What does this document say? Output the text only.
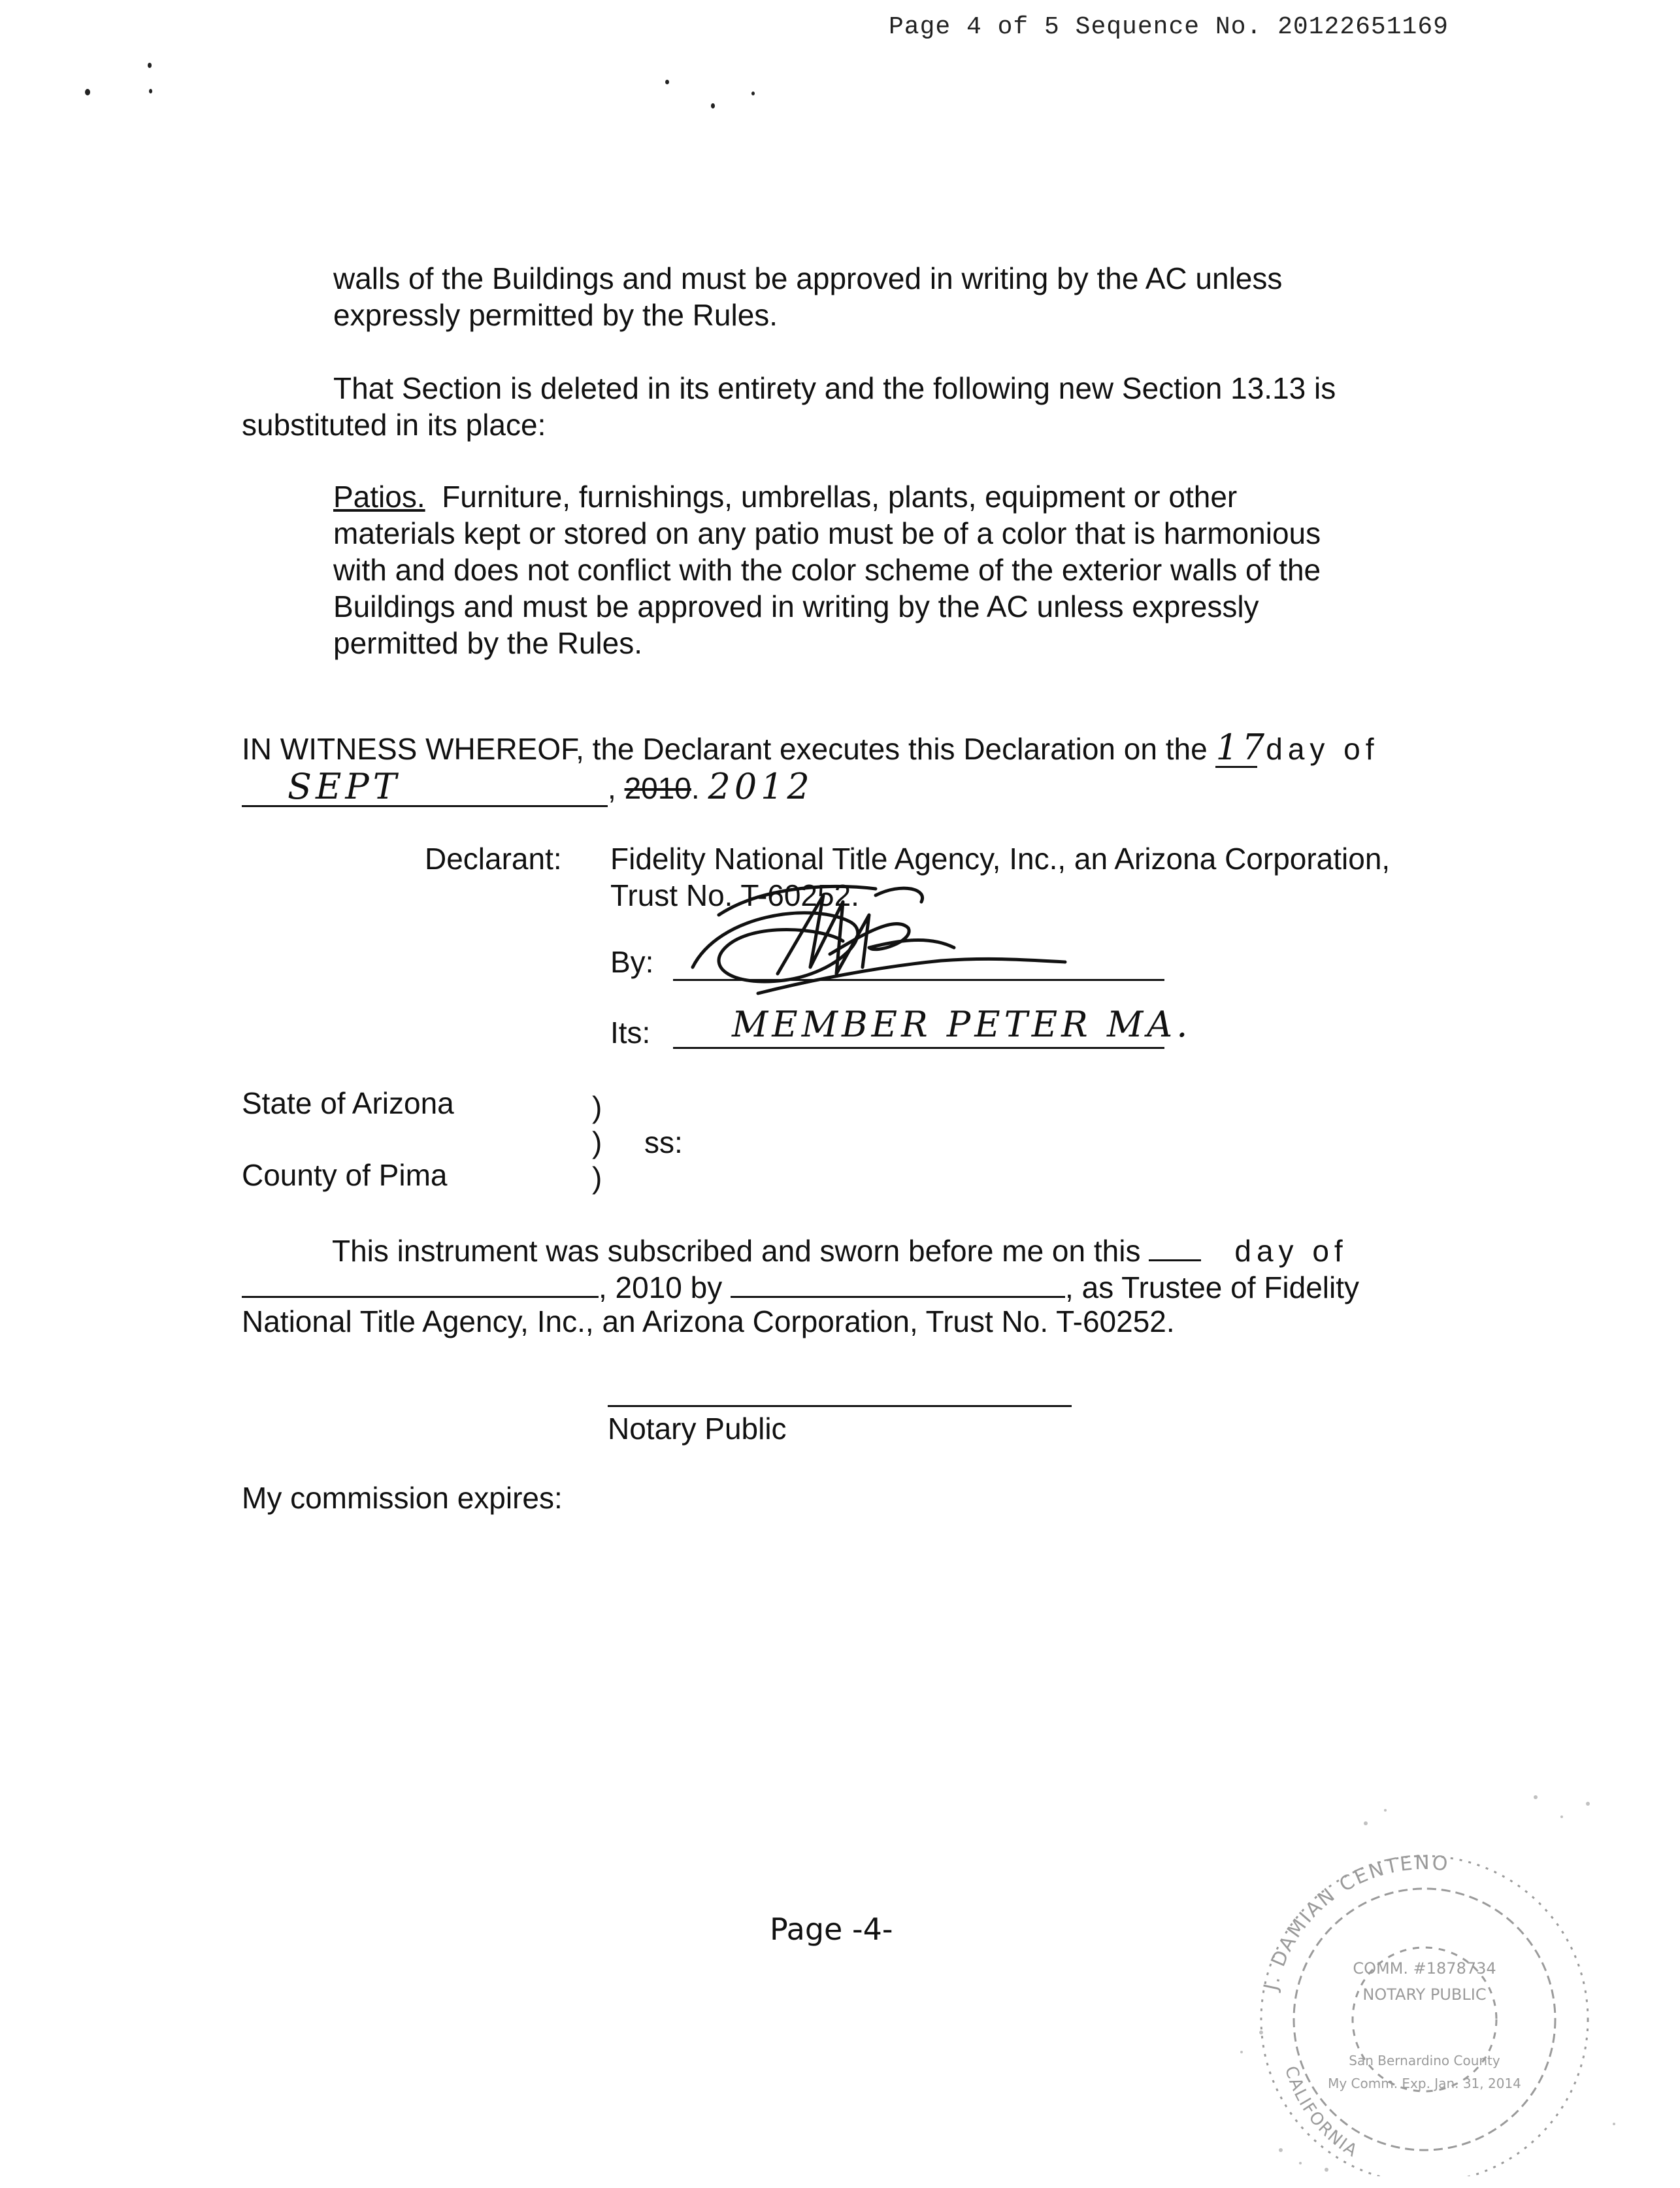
Page 4 of 5 Sequence No. 20122651169
walls of the Buildings and must be approved in writing by the AC unless
expressly permitted by the Rules.
That Section is deleted in its entirety and the following new Section 13.13 is
substituted in its place:
Patios. Furniture, furnishings, umbrellas, plants, equipment or other
materials kept or stored on any patio must be of a color that is harmonious
with and does not conflict with the color scheme of the exterior walls of the
Buildings and must be approved in writing by the AC unless expressly
permitted by the Rules.
IN WITNESS WHEREOF, the Declarant executes this Declaration on the 17 day of
SEPT	, 2010. 2012
Declarant: Fidelity National Title Agency, Inc., an Arizona Corporation,
Trust No. T-60252.
By:
Its: MEMBER PETER MA.
State of Arizona
County of Pima
)
)
)
ss:
This instrument was subscribed and sworn before me on this	day of
, 2010 by	, as Trustee of Fidelity
National Title Agency, Inc., an Arizona Corporation, Trust No. T-60252.
Notary Public
My commission expires:
Page -4-
J. DAMIAN CENTENO
CALIFORNIA
COMM. #1878734
NOTARY PUBLIC
San Bernardino County
My Comm. Exp. Jan. 31, 2014
